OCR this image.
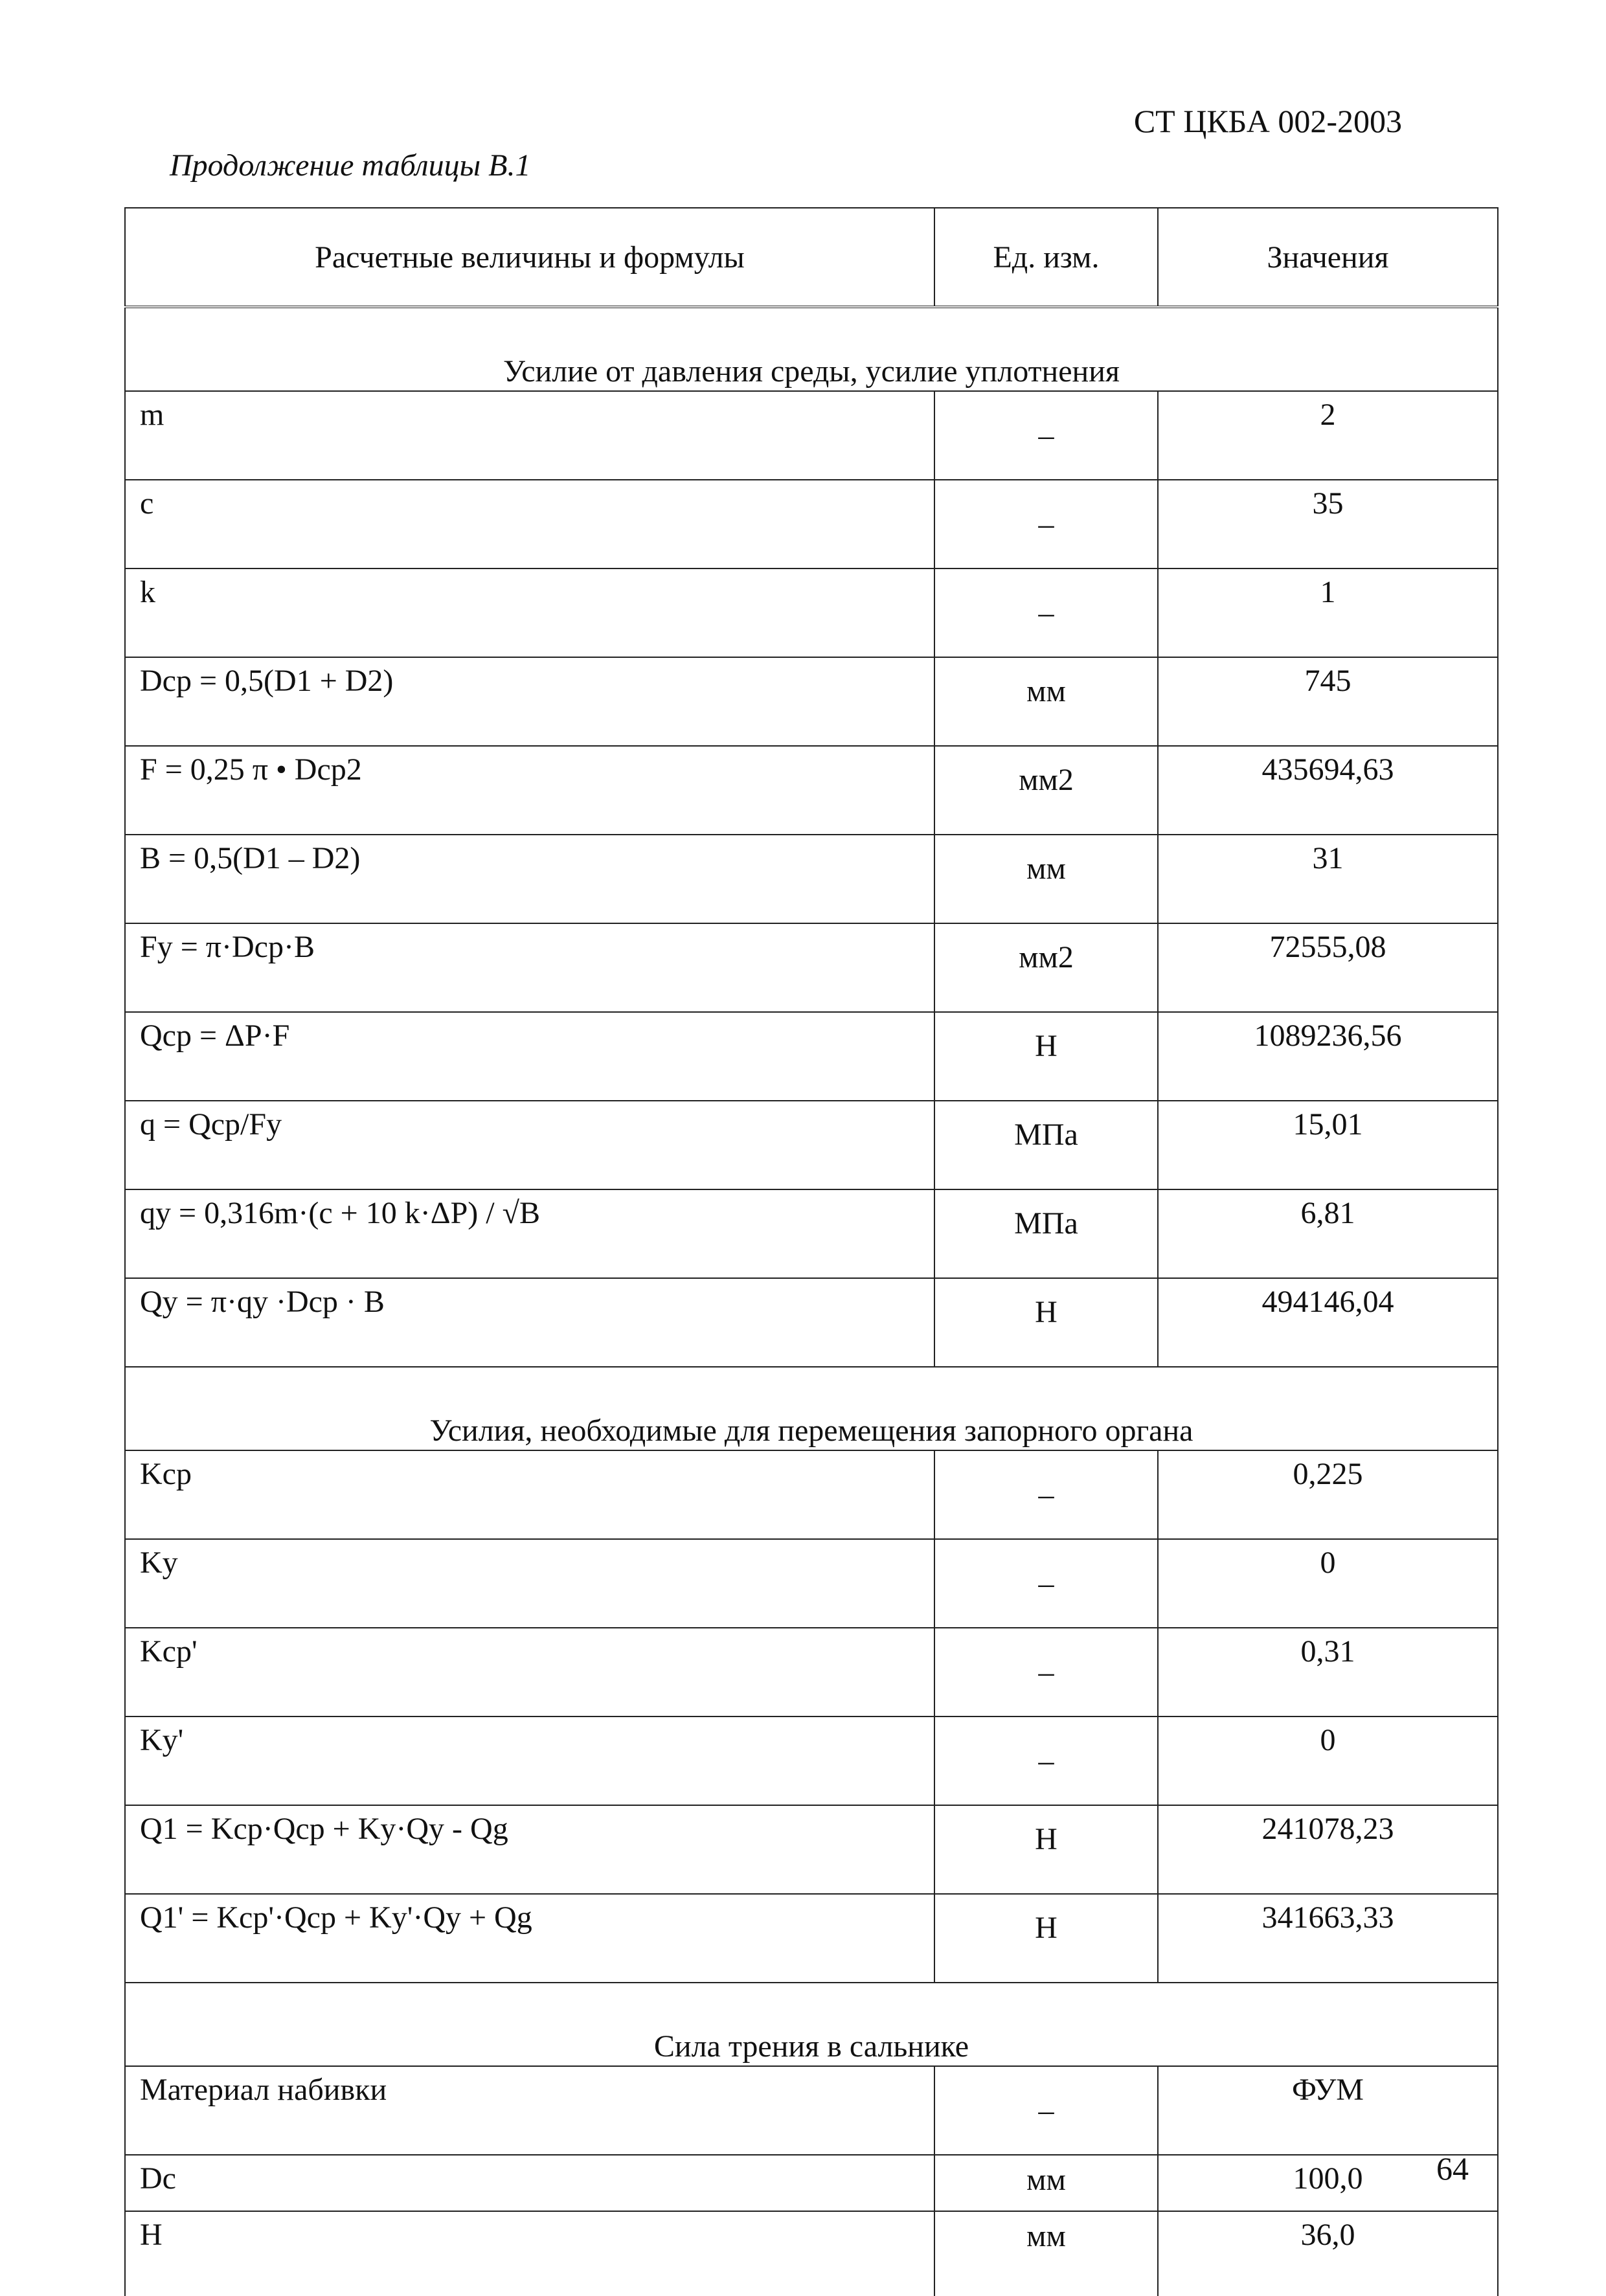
СТ ЦКБА 002-2003
Продолжение таблицы В.1
Расчетные величины и формулы	Ед. изм.	Значения
Усилие от давления среды, усилие уплотнения		
m	_	2
c	_	35
k	_	1
Dcp = 0,5(D1 + D2)	мм	745
F = 0,25 π • Dcp2	мм2	435694,63
B = 0,5(D1 – D2)	мм	31
Fy = π·Dcp·B	мм2	72555,08
Qcp = ΔP·F	Н	1089236,56
q = Qcp/Fy	МПа	15,01
qy = 0,316m·(c + 10 k·ΔP) / √B	МПа	6,81
Qy = π·qy ·Dcp · B	Н	494146,04
Усилия, необходимые для перемещения запорного органа		
Kcp	_	0,225
Ky	_	0
Kcp'	_	0,31
Ky'	_	0
Q1 = Kcp·Qcp + Ky·Qy - Qg	Н	241078,23
Q1' = Kcp'·Qcp + Ky'·Qy + Qg	Н	341663,33
Сила трения в сальнике		
Материал набивки	_	ФУМ
Dc	мм	100,0
H	мм	36,0
64
